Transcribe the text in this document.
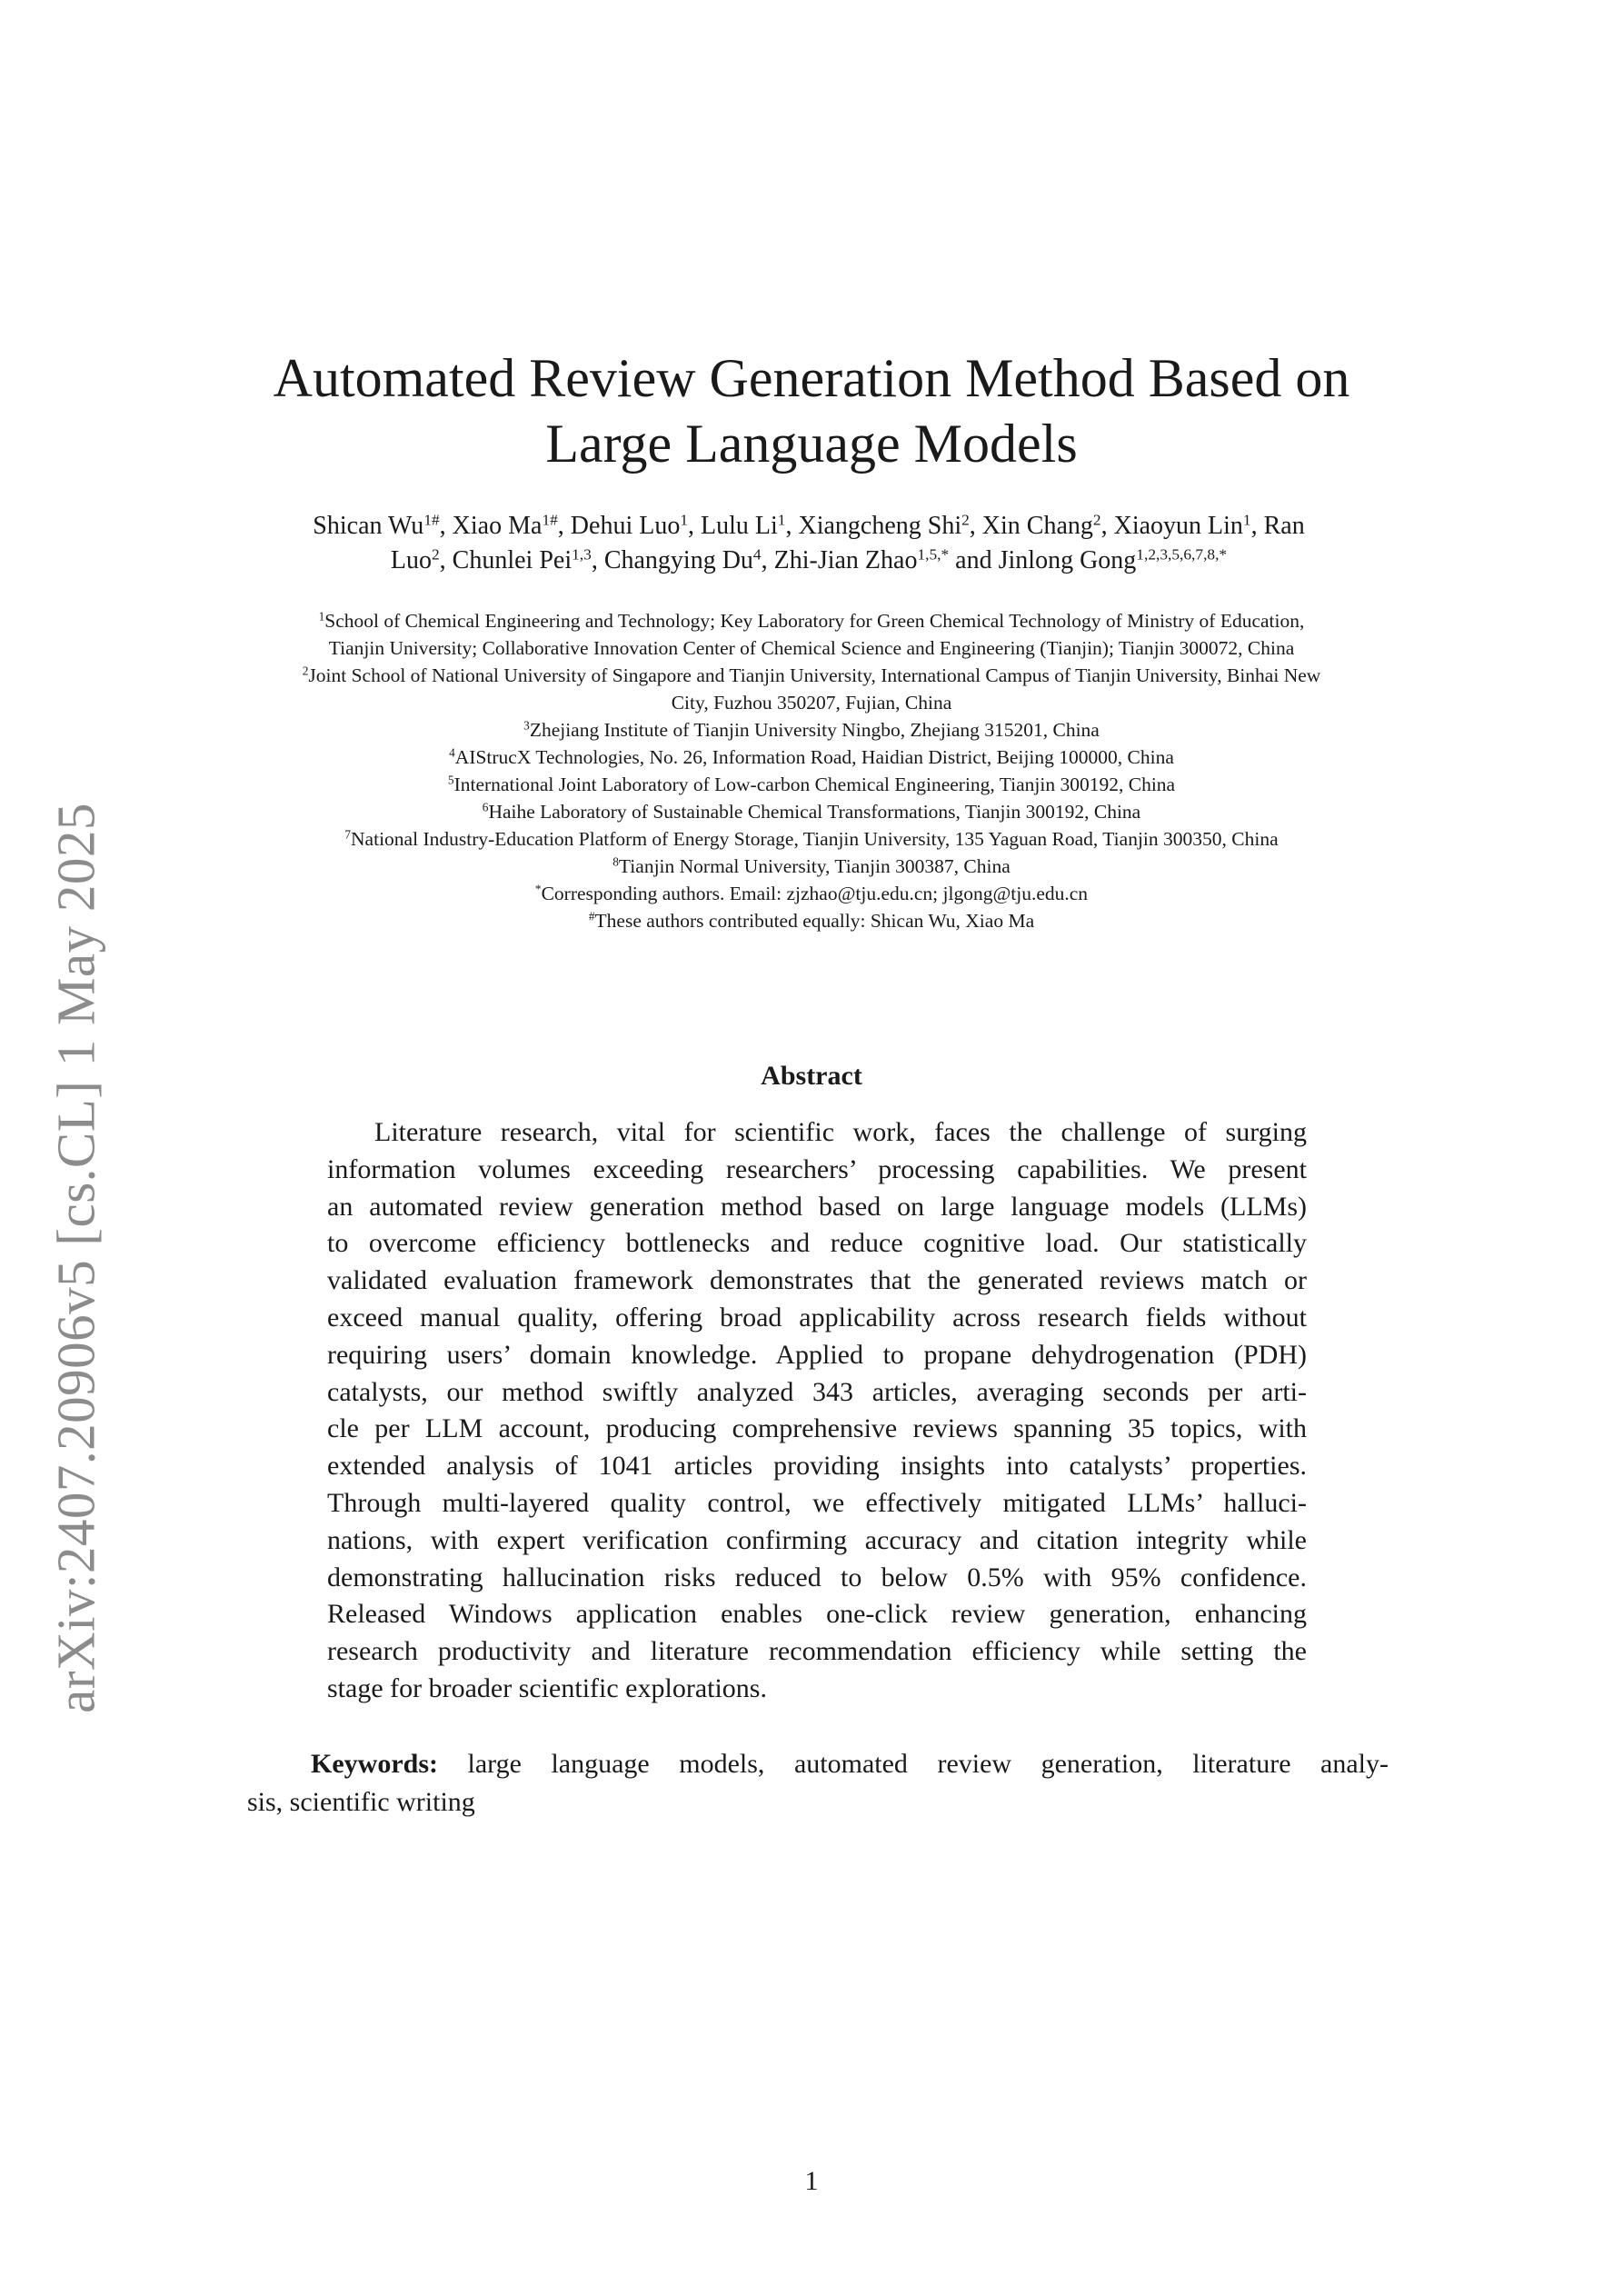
Automated Review Generation Method Based on
Large Language Models
Shican $Wu^{1\#}$, Xiao $Ma^{1\#}$, Dehui Luo$^1$, Lulu Li$^1$, Xiangcheng Shi$^2$, Xin Chang$^2$, Xiaoyun Lin$^1$, Ran
Luo$^2$, Chunlei Pei$^{1,3}$, Changying Du$^4$, Zhi-Jian Zhao$^{1,5,*}$ and Jinlong Gong$^{1,2,3,5,6,7,8,*}$
$^1$School of Chemical Engineering and Technology; Key Laboratory for Green Chemical Technology of Ministry of Education,
Tianjin University; Collaborative Innovation Center of Chemical Science and Engineering (Tianjin); Tianjin 300072, China
$^2$Joint School of National University of Singapore and Tianjin University, International Campus of Tianjin University, Binhai New
City, Fuzhou 350207, Fujian, China
$^3$Zhejiang Institute of Tianjin University Ningbo, Zhejiang 315201, China
$^4$AIStrucX Technologies, No. 26, Information Road, Haidian District, Beijing 100000, China
$^5$International Joint Laboratory of Low-carbon Chemical Engineering, Tianjin 300192, China
$^6$Haihe Laboratory of Sustainable Chemical Transformations, Tianjin 300192, China
$^7$National Industry-Education Platform of Energy Storage, Tianjin University, 135 Yaguan Road, Tianjin 300350, China
$^8$Tianjin Normal University, Tianjin 300387, China
*Corresponding authors. Email: zjzhao@tju.edu.cn; jlgong@tju.edu.cn
#These authors contributed equally: Shican Wu, Xiao Ma
Abstract
Literature research, vital for scientific work, faces the challenge of surging
information volumes exceeding researchers’ processing capabilities. We present
an automated review generation method based on large language models (LLMs)
to overcome efficiency bottlenecks and reduce cognitive load. Our statistically
validated evaluation framework demonstrates that the generated reviews match or
exceed manual quality, offering broad applicability across research fields without
requiring users’ domain knowledge. Applied to propane dehydrogenation (PDH)
catalysts, our method swiftly analyzed 343 articles, averaging seconds per arti-
cle per LLM account, producing comprehensive reviews spanning 35 topics, with
extended analysis of 1041 articles providing insights into catalysts’ properties.
Through multi-layered quality control, we effectively mitigated LLMs’ halluci-
nations, with expert verification confirming accuracy and citation integrity while
demonstrating hallucination risks reduced to below 0.5% with 95% confidence.
Released Windows application enables one-click review generation, enhancing
research productivity and literature recommendation efficiency while setting the
stage for broader scientific explorations.
Keywords: large language models, automated review generation, literature analy-
sis, scientific writing
arXiv:2407.20906v5 [cs.CL] 1 May 2025
1
